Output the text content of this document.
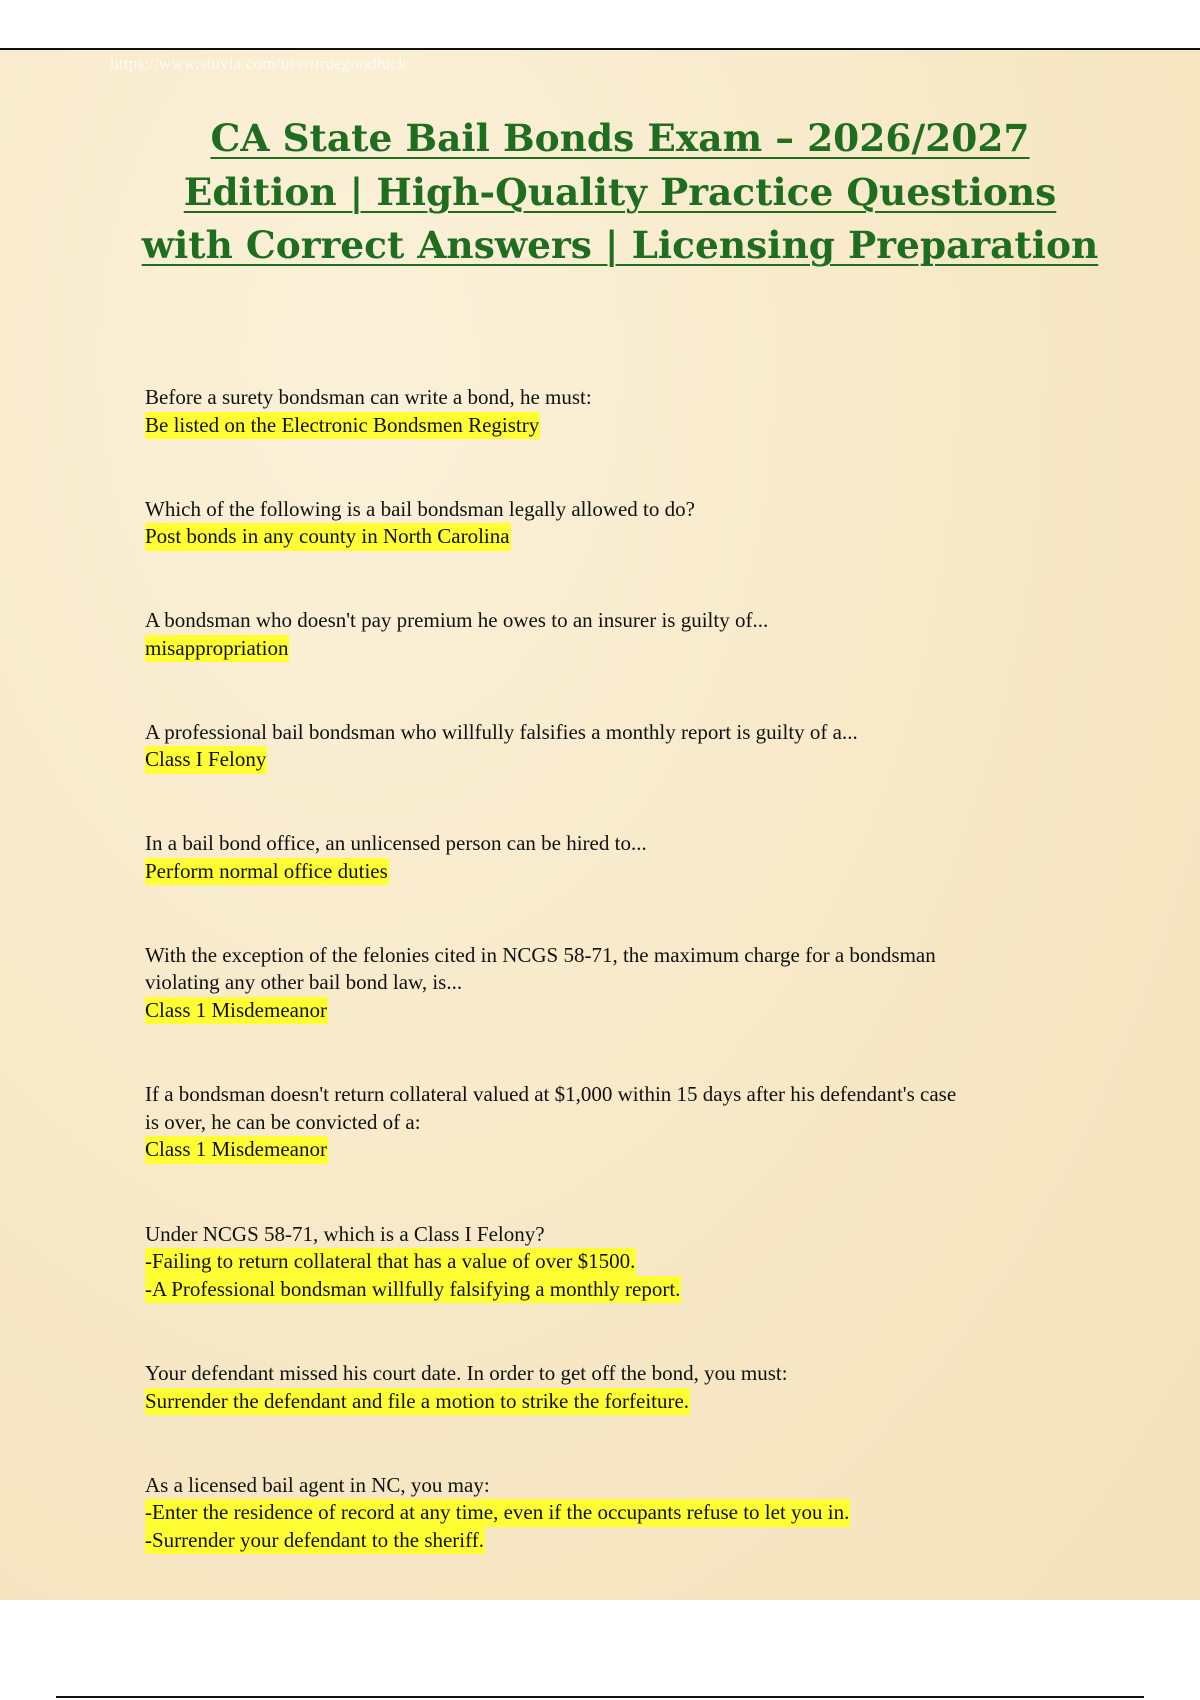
https://www.stuvia.com/user/truegoodluck
CA State Bail Bonds Exam – 2026/2027 Edition | High-Quality Practice Questions with Correct Answers | Licensing Preparation
Before a surety bondsman can write a bond, he must:
Be listed on the Electronic Bondsmen Registry
Which of the following is a bail bondsman legally allowed to do?
Post bonds in any county in North Carolina
A bondsman who doesn't pay premium he owes to an insurer is guilty of...
misappropriation
A professional bail bondsman who willfully falsifies a monthly report is guilty of a...
Class I Felony
In a bail bond office, an unlicensed person can be hired to...
Perform normal office duties
With the exception of the felonies cited in NCGS 58-71, the maximum charge for a bondsman
violating any other bail bond law, is...
Class 1 Misdemeanor
If a bondsman doesn't return collateral valued at $1,000 within 15 days after his defendant's case
is over, he can be convicted of a:
Class 1 Misdemeanor
Under NCGS 58-71, which is a Class I Felony?
-Failing to return collateral that has a value of over $1500.
-A Professional bondsman willfully falsifying a monthly report.
Your defendant missed his court date. In order to get off the bond, you must:
Surrender the defendant and file a motion to strike the forfeiture.
As a licensed bail agent in NC, you may:
-Enter the residence of record at any time, even if the occupants refuse to let you in.
-Surrender your defendant to the sheriff.
